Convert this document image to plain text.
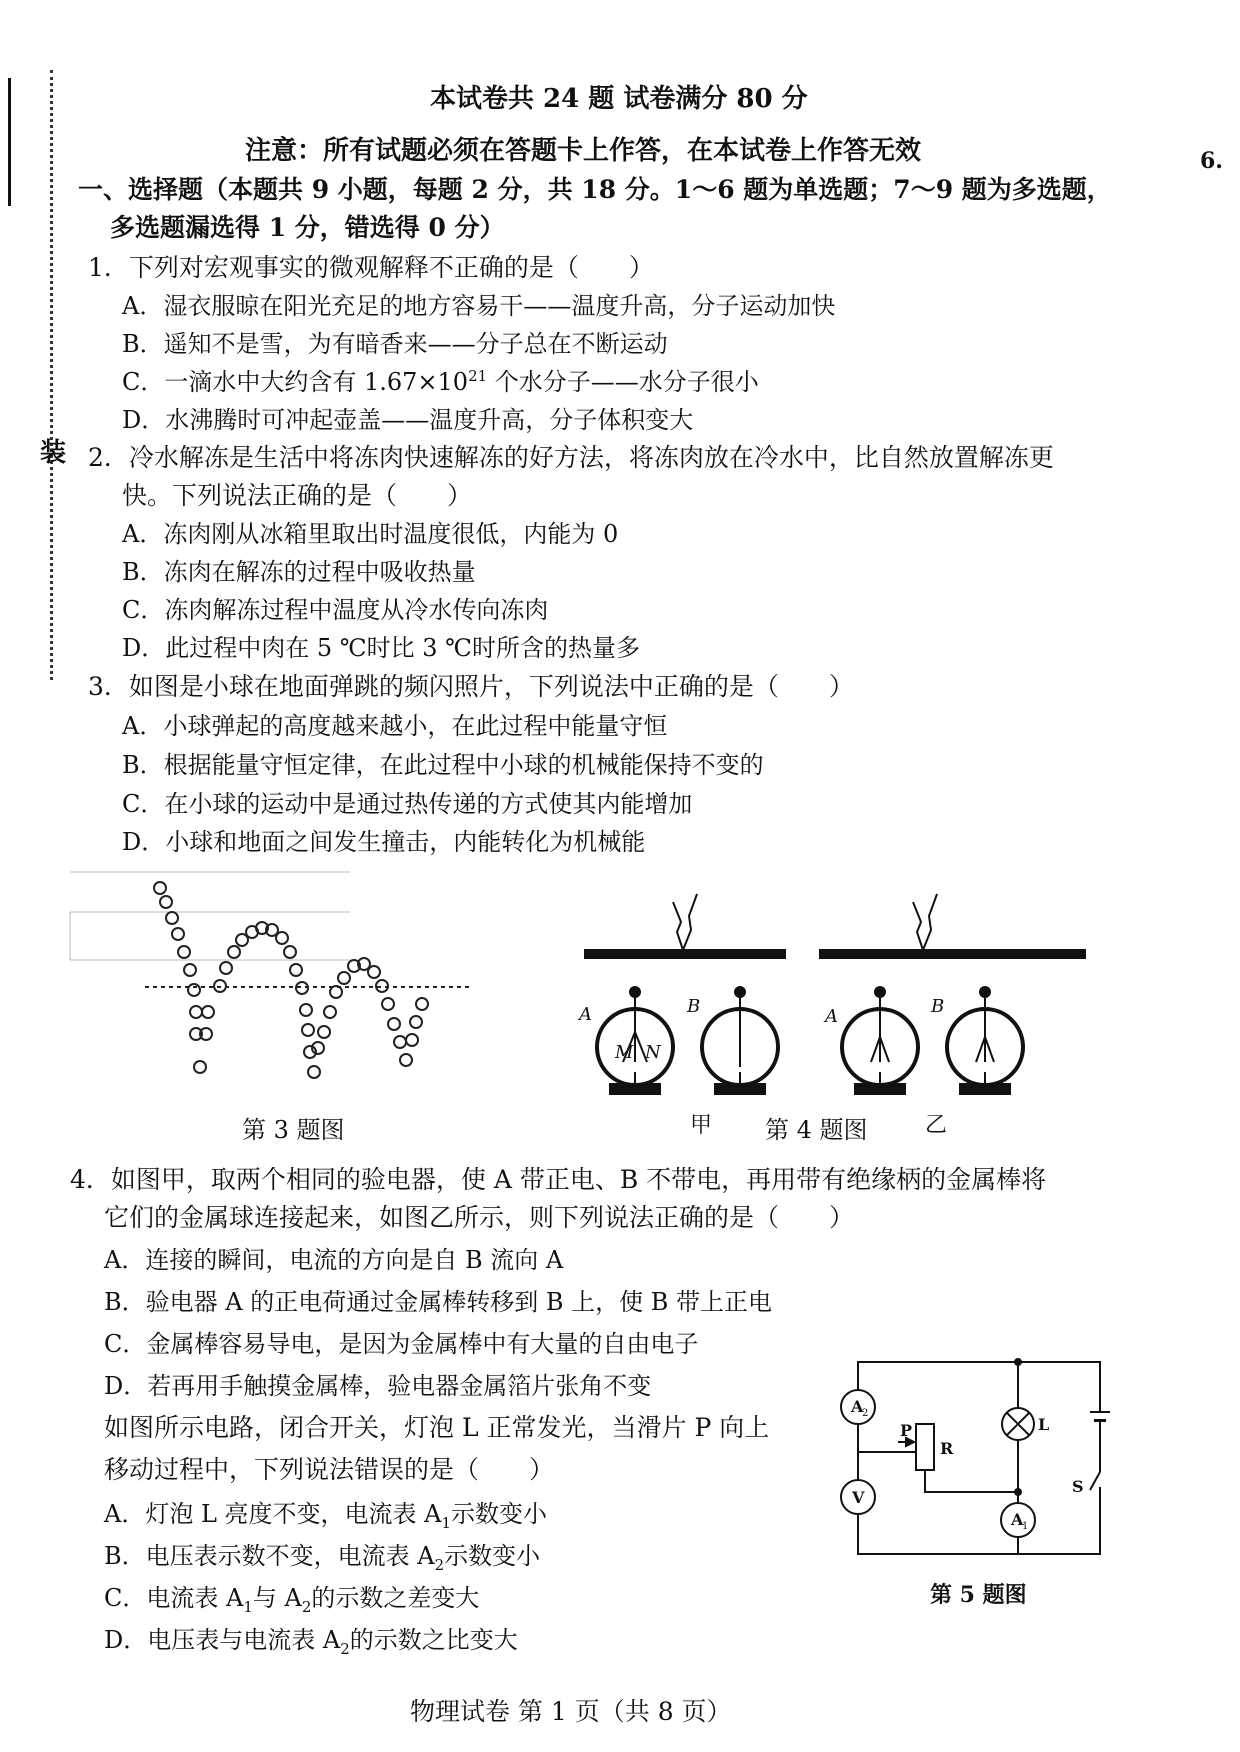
装
6.
本试卷共 24 题 试卷满分 80 分
注意：所有试题必须在答题卡上作答，在本试卷上作答无效
一、选择题（本题共 9 小题，每题 2 分，共 18 分。1～6 题为单选题；7～9 题为多选题，
多选题漏选得 1 分，错选得 0 分）
1．下列对宏观事实的微观解释不正确的是（　　）
A．湿衣服晾在阳光充足的地方容易干——温度升高，分子运动加快
B．遥知不是雪，为有暗香来——分子总在不断运动
C．一滴水中大约含有 $1.67\times 10^{21}$ 个水分子——水分子很小
D．水沸腾时可冲起壶盖——温度升高，分子体积变大
2．冷水解冻是生活中将冻肉快速解冻的好方法，将冻肉放在冷水中，比自然放置解冻更
快。下列说法正确的是（　　）
A．冻肉刚从冰箱里取出时温度很低，内能为 0
B．冻肉在解冻的过程中吸收热量
C．冻肉解冻过程中温度从冷水传向冻肉
D．此过程中肉在 5 ℃时比 3 ℃时所含的热量多
3．如图是小球在地面弹跳的频闪照片，下列说法中正确的是（　　）
A．小球弹起的高度越来越小，在此过程中能量守恒
B．根据能量守恒定律，在此过程中小球的机械能保持不变的
C．在小球的运动中是通过热传递的方式使其内能增加
D．小球和地面之间发生撞击，内能转化为机械能
第 3 题图
A
M N
B	A	B
甲 第 4 题图	乙
4．如图甲，取两个相同的验电器，使 A 带正电、B 不带电，再用带有绝缘柄的金属棒将
它们的金属球连接起来，如图乙所示，则下列说法正确的是（　　）
A．连接的瞬间，电流的方向是自 B 流向 A
B．验电器 A 的正电荷通过金属棒转移到 B 上，使 B 带上正电
C．金属棒容易导电，是因为金属棒中有大量的自由电子
D．若再用手触摸金属棒，验电器金属箔片张角不变
如图所示电路，闭合开关，灯泡 L 正常发光，当滑片 P 向上
移动过程中，下列说法错误的是（　　）
A．灯泡 L 亮度不变，电流表 $A_1$示数变小
B．电压表示数不变，电流表 $A_2$示数变小
C．电流表 $A_1$与 $A_2$的示数之差变大
D．电压表与电流表 $A_2$的示数之比变大
A
2
V
A
1
P
R
L
S
第 5 题图
物理试卷 第 1 页（共 8 页）
